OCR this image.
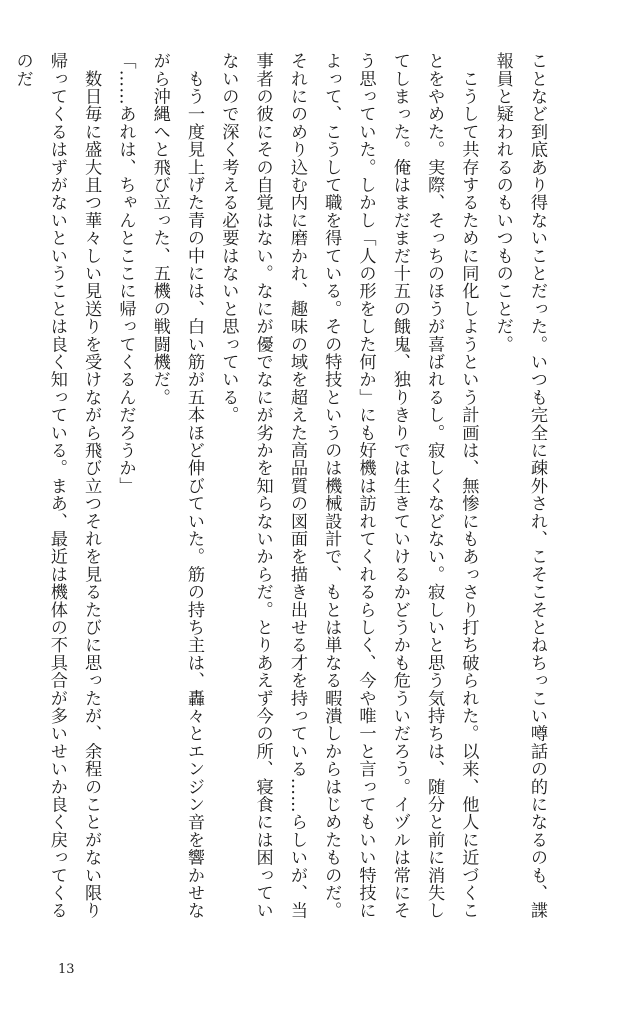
ことなど到底あり得ないことだった。いつも完全に疎外され、こそこそとねちっこい噂話の的になるのも、諜報員と疑われるのもいつものことだ。

　こうして共存するために同化しようという計画は、無惨にもあっさり打ち破られた。以来、他人に近づくことをやめた。実際、そっちのほうが喜ばれるし。寂しくなどない。寂しいと思う気持ちは、随分と前に消失してしまった。俺はまだまだ十五の餓鬼、独りきりでは生きていけるかどうかも危ういだろう。イヅルは常にそう思っていた。しかし「人の形をした何か」にも好機は訪れてくれるらしく、今や唯一と言ってもいい特技によって、こうして職を得ている。その特技というのは機械設計で、もとは単なる暇潰しからはじめたものだ。それにのめり込む内に磨かれ、趣味の域を超えた高品質の図面を描き出せる才を持っている……らしいが、当事者の彼にその自覚はない。なにが優でなにが劣かを知らないからだ。とりあえず今の所、寝食には困っていないので深く考える必要はないと思っている。

　もう一度見上げた青の中には、白い筋が五本ほど伸びていた。筋の持ち主は、轟々とエンジン音を響かせながら沖縄へと飛び立った、五機の戦闘機だ。

「……あれは、ちゃんとここに帰ってくるんだろうか」

　数日毎に盛大且つ華々しい見送りを受けながら飛び立つそれを見るたびに思ったが、余程のことがない限り帰ってくるはずがないということは良く知っている。まあ、最近は機体の不具合が多いせいか良く戻ってくるのだ

13
